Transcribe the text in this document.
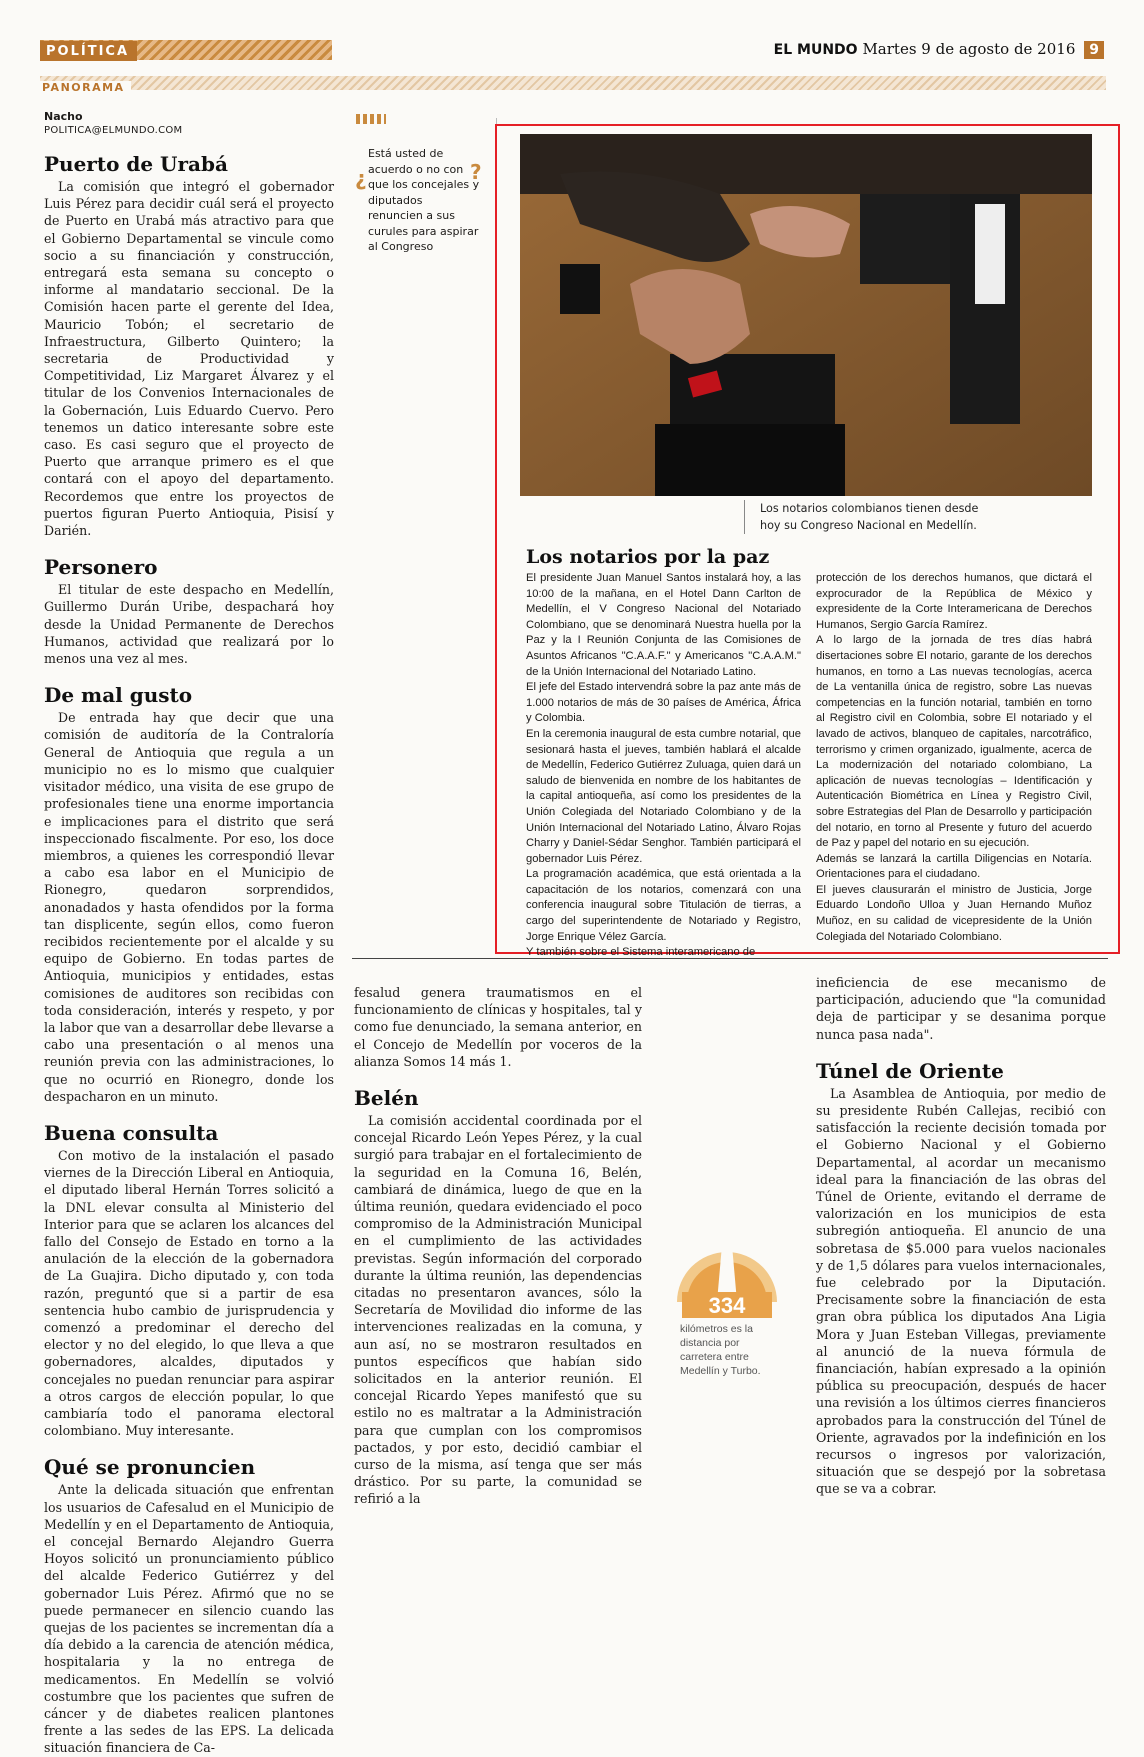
POLÍTICA	EL MUNDO Martes 9 de agosto de 2016 9
PANORAMA
Nacho
POLITICA@ELMUNDO.COM
Puerto de Urabá

La comisión que integró el gobernador Luis Pérez para decidir cuál será el proyecto de Puerto en Urabá más atractivo para que el Gobierno Departamental se vincule como socio a su financiación y construcción, entregará esta semana su concepto o informe al mandatario seccional. De la Comisión hacen parte el gerente del Idea, Mauricio Tobón; el secretario de Infraestructura, Gilberto Quintero; la secretaria de Productividad y Competitividad, Liz Margaret Álvarez y el titular de los Convenios Internacionales de la Gobernación, Luis Eduardo Cuervo. Pero tenemos un datico interesante sobre este caso. Es casi seguro que el proyecto de Puerto que arranque primero es el que contará con el apoyo del departamento. Recordemos que entre los proyectos de puertos figuran Puerto Antioquia, Pisisí y Darién.

Personero

El titular de este despacho en Medellín, Guillermo Durán Uribe, despachará hoy desde la Unidad Permanente de Derechos Humanos, actividad que realizará por lo menos una vez al mes.

De mal gusto

De entrada hay que decir que una comisión de auditoría de la Contraloría General de Antioquia que regula a un municipio no es lo mismo que cualquier visitador médico, una visita de ese grupo de profesionales tiene una enorme importancia e implicaciones para el distrito que será inspeccionado fiscalmente. Por eso, los doce miembros, a quienes les correspondió llevar a cabo esa labor en el Municipio de Rionegro, quedaron sorprendidos, anonadados y hasta ofendidos por la forma tan displicente, según ellos, como fueron recibidos recientemente por el alcalde y su equipo de Gobierno. En todas partes de Antioquia, municipios y entidades, estas comisiones de auditores son recibidas con toda consideración, interés y respeto, y por la labor que van a desarrollar debe llevarse a cabo una presentación o al menos una reunión previa con las administraciones, lo que no ocurrió en Rionegro, donde los despacharon en un minuto.

Buena consulta

Con motivo de la instalación el pasado viernes de la Dirección Liberal en Antioquia, el diputado liberal Hernán Torres solicitó a la DNL elevar consulta al Ministerio del Interior para que se aclaren los alcances del fallo del Consejo de Estado en torno a la anulación de la elección de la gobernadora de La Guajira. Dicho diputado y, con toda razón, preguntó que si a partir de esa sentencia hubo cambio de jurisprudencia y comenzó a predominar el derecho del elector y no del elegido, lo que lleva a que gobernadores, alcaldes, diputados y concejales no puedan renunciar para aspirar a otros cargos de elección popular, lo que cambiaría todo el panorama electoral colombiano. Muy interesante.

Qué se pronuncien

Ante la delicada situación que enfrentan los usuarios de Cafesalud en el Municipio de Medellín y en el Departamento de Antioquia, el concejal Bernardo Alejandro Guerra Hoyos solicitó un pronunciamiento público del alcalde Federico Gutiérrez y del gobernador Luis Pérez. Afirmó que no se puede permanecer en silencio cuando las quejas de los pacientes se incrementan día a día debido a la carencia de atención médica, hospitalaria y la no entrega de medicamentos. En Medellín se volvió costumbre que los pacientes que sufren de cáncer y de diabetes realicen plantones frente a las sedes de las EPS. La delicada situación financiera de Ca-

¿	?
Está usted de acuerdo o no con que los concejales y diputados renuncien a sus curules para aspirar al Congreso
Los notarios colombianos tienen desde hoy su Congreso Nacional en Medellín.
Los notarios por la paz

El presidente Juan Manuel Santos instalará hoy, a las 10:00 de la mañana, en el Hotel Dann Carlton de Medellín, el V Congreso Nacional del Notariado Colombiano, que se denominará Nuestra huella por la Paz y la I Reunión Conjunta de las Comisiones de Asuntos Africanos "C.A.A.F." y Americanos "C.A.A.M." de la Unión Internacional del Notariado Latino.

El jefe del Estado intervendrá sobre la paz ante más de 1.000 notarios de más de 30 países de América, África y Colombia.

En la ceremonia inaugural de esta cumbre notarial, que sesionará hasta el jueves, también hablará el alcalde de Medellín, Federico Gutiérrez Zuluaga, quien dará un saludo de bienvenida en nombre de los habitantes de la capital antioqueña, así como los presidentes de la Unión Colegiada del Notariado Colombiano y de la Unión Internacional del Notariado Latino, Álvaro Rojas Charry y Daniel-Sédar Senghor. También participará el gobernador Luis Pérez.

La programación académica, que está orientada a la capacitación de los notarios, comenzará con una conferencia inaugural sobre Titulación de tierras, a cargo del superintendente de Notariado y Registro, Jorge Enrique Vélez García.

Y también sobre el Sistema interamericano de

protección de los derechos humanos, que dictará el exprocurador de la República de México y expresidente de la Corte Interamericana de Derechos Humanos, Sergio García Ramírez.

A lo largo de la jornada de tres días habrá disertaciones sobre El notario, garante de los derechos humanos, en torno a Las nuevas tecnologías, acerca de La ventanilla única de registro, sobre Las nuevas competencias en la función notarial, también en torno al Registro civil en Colombia, sobre El notariado y el lavado de activos, blanqueo de capitales, narcotráfico, terrorismo y crimen organizado, igualmente, acerca de La modernización del notariado colombiano, La aplicación de nuevas tecnologías – Identificación y Autenticación Biométrica en Línea y Registro Civil, sobre Estrategias del Plan de Desarrollo y participación del notario, en torno al Presente y futuro del acuerdo de Paz y papel del notario en su ejecución.

Además se lanzará la cartilla Diligencias en Notaría. Orientaciones para el ciudadano.

El jueves clausurarán el ministro de Justicia, Jorge Eduardo Londoño Ulloa y Juan Hernando Muñoz Muñoz, en su calidad de vicepresidente de la Unión Colegiada del Notariado Colombiano.

fesalud genera traumatismos en el funcionamiento de clínicas y hospitales, tal y como fue denunciado, la semana anterior, en el Concejo de Medellín por voceros de la alianza Somos 14 más 1.

Belén

La comisión accidental coordinada por el concejal Ricardo León Yepes Pérez, y la cual surgió para trabajar en el fortalecimiento de la seguridad en la Comuna 16, Belén, cambiará de dinámica, luego de que en la última reunión, quedara evidenciado el poco compromiso de la Administración Municipal en el cumplimiento de las actividades previstas. Según información del corporado durante la última reunión, las dependencias citadas no presentaron avances, sólo la Secretaría de Movilidad dio informe de las intervenciones realizadas en la comuna, y aun así, no se mostraron resultados en puntos específicos que habían sido solicitados en la anterior reunión. El concejal Ricardo Yepes manifestó que su estilo no es maltratar a la Administración para que cumplan con los compromisos pactados, y por esto, decidió cambiar el curso de la misma, así tenga que ser más drástico. Por su parte, la comunidad se refirió a la

334
kilómetros es la distancia por carretera entre Medellín y Turbo.

ineficiencia de ese mecanismo de participación, aduciendo que "la comunidad deja de participar y se desanima porque nunca pasa nada".

Túnel de Oriente

La Asamblea de Antioquia, por medio de su presidente Rubén Callejas, recibió con satisfacción la reciente decisión tomada por el Gobierno Nacional y el Gobierno Departamental, al acordar un mecanismo ideal para la financiación de las obras del Túnel de Oriente, evitando el derrame de valorización en los municipios de esta subregión antioqueña. El anuncio de una sobretasa de $5.000 para vuelos nacionales y de 1,5 dólares para vuelos internacionales, fue celebrado por la Diputación. Precisamente sobre la financiación de esta gran obra pública los diputados Ana Ligia Mora y Juan Esteban Villegas, previamente al anunció de la nueva fórmula de financiación, habían expresado a la opinión pública su preocupación, después de hacer una revisión a los últimos cierres financieros aprobados para la construcción del Túnel de Oriente, agravados por la indefinición en los recursos o ingresos por valorización, situación que se despejó por la sobretasa que se va a cobrar.
